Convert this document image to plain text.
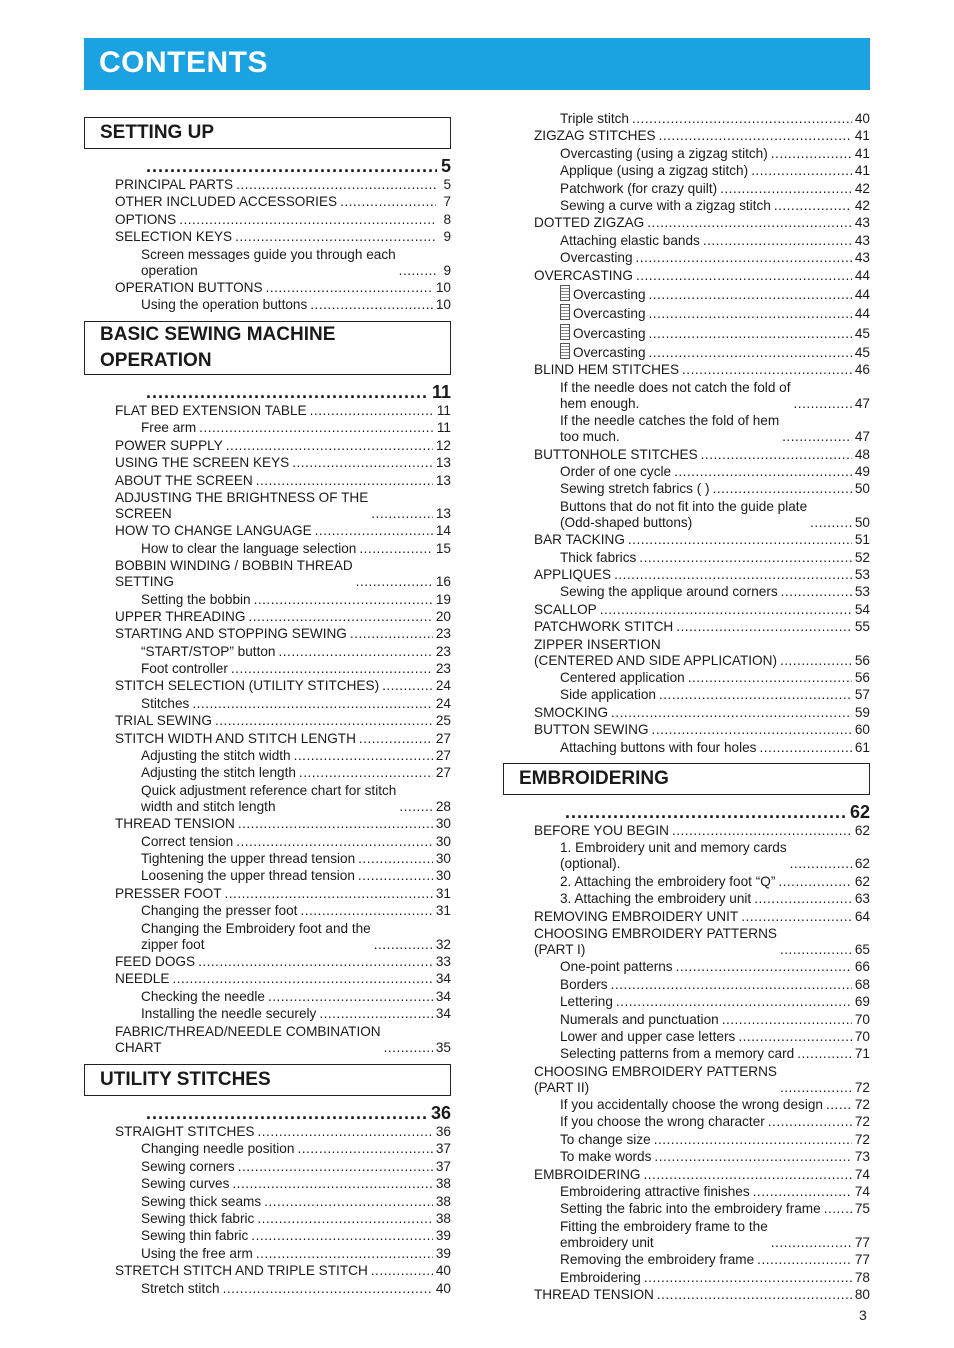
CONTENTS
SETTING UP
.....
5
PRINCIPAL PARTS .....	5
OTHER INCLUDED ACCESSORIES .....	7
OPTIONS .....	8
SELECTION KEYS .....	9
Screen messages guide you through each
operation .....	9
OPERATION BUTTONS .....	10
Using the operation buttons .....	10
BASIC SEWING MACHINE OPERATION
.....
11
FLAT BED EXTENSION TABLE .....	11
Free arm .....	11
POWER SUPPLY .....	12
USING THE SCREEN KEYS .....	13
ABOUT THE SCREEN .....	13
ADJUSTING THE BRIGHTNESS OF THE
SCREEN .....	13
HOW TO CHANGE LANGUAGE .....	14
How to clear the language selection .....	15
BOBBIN WINDING / BOBBIN THREAD
SETTING .....	16
Setting the bobbin .....	19
UPPER THREADING .....	20
STARTING AND STOPPING SEWING .....	23
“START/STOP” button .....	23
Foot controller .....	23
STITCH SELECTION (UTILITY STITCHES) .....	24
Stitches .....	24
TRIAL SEWING .....	25
STITCH WIDTH AND STITCH LENGTH .....	27
Adjusting the stitch width .....	27
Adjusting the stitch length .....	27
Quick adjustment reference chart for stitch
width and stitch length .....	28
THREAD TENSION .....	30
Correct tension .....	30
Tightening the upper thread tension .....	30
Loosening the upper thread tension .....	30
PRESSER FOOT .....	31
Changing the presser foot .....	31
Changing the Embroidery foot and the
zipper foot .....	32
FEED DOGS .....	33
NEEDLE .....	34
Checking the needle .....	34
Installing the needle securely .....	34
FABRIC/THREAD/NEEDLE COMBINATION
CHART .....	35
UTILITY STITCHES
.....
36
STRAIGHT STITCHES .....	36
Changing needle position .....	37
Sewing corners .....	37
Sewing curves .....	38
Sewing thick seams .....	38
Sewing thick fabric .....	38
Sewing thin fabric .....	39
Using the free arm .....	39
STRETCH STITCH AND TRIPLE STITCH .....	40
Stretch stitch .....	40
Triple stitch .....	40
ZIGZAG STITCHES .....	41
Overcasting (using a zigzag stitch) .....	41
Applique (using a zigzag stitch) .....	41
Patchwork (for crazy quilt) .....	42
Sewing a curve with a zigzag stitch .....	42
DOTTED ZIGZAG .....	43
Attaching elastic bands .....	43
Overcasting .....	43
OVERCASTING .....	44
Overcasting .....	44
Overcasting .....	44
Overcasting .....	45
Overcasting .....	45
BLIND HEM STITCHES .....	46
If the needle does not catch the fold of
hem enough. .....	47
If the needle catches the fold of hem
too much. .....	47
BUTTONHOLE STITCHES .....	48
Order of one cycle .....	49
Sewing stretch fabrics ( ) .....	50
Buttons that do not fit into the guide plate
(Odd-shaped buttons) .....	50
BAR TACKING .....	51
Thick fabrics .....	52
APPLIQUES .....	53
Sewing the applique around corners .....	53
SCALLOP .....	54
PATCHWORK STITCH .....	55
ZIPPER INSERTION
(CENTERED AND SIDE APPLICATION) .....	56
Centered application .....	56
Side application .....	57
SMOCKING .....	59
BUTTON SEWING .....	60
Attaching buttons with four holes .....	61
EMBROIDERING
.....
62
BEFORE YOU BEGIN .....	62
1. Embroidery unit and memory cards
(optional). .....	62
2. Attaching the embroidery foot “Q” .....	62
3. Attaching the embroidery unit .....	63
REMOVING EMBROIDERY UNIT .....	64
CHOOSING EMBROIDERY PATTERNS
(PART I) .....	65
One-point patterns .....	66
Borders .....	68
Lettering .....	69
Numerals and punctuation .....	70
Lower and upper case letters .....	70
Selecting patterns from a memory card .....	71
CHOOSING EMBROIDERY PATTERNS
(PART II) .....	72
If you accidentally choose the wrong design ..... 72
If you choose the wrong character .....	72
To change size .....	72
To make words .....	73
EMBROIDERING .....	74
Embroidering attractive finishes .....	74
Setting the fabric into the embroidery frame .....	75
Fitting the embroidery frame to the
embroidery unit .....	77
Removing the embroidery frame .....	77
Embroidering .....	78
THREAD TENSION .....	80
3
